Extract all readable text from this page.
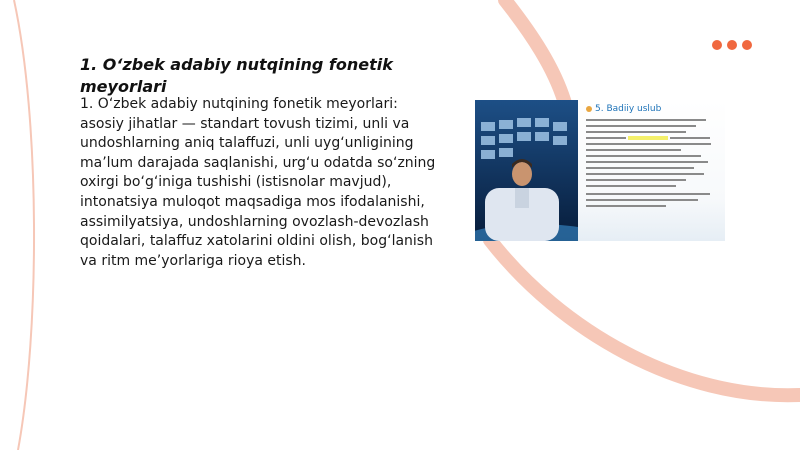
1. O‘zbek adabiy nutqining fonetik meyorlari

1. O‘zbek adabiy nutqining fonetik meyorlari: asosiy jihatlar — standart tovush tizimi, unli va undoshlarning aniq talaffuzi, unli uyg‘unligining ma’lum darajada saqlanishi, urg‘u odatda so‘zning oxirgi bo‘g‘iniga tushishi (istisnolar mavjud), intonatsiya muloqot maqsadiga mos ifodalanishi, assimilyatsiya, undoshlarning ovozlash-devozlash qoidalari, talaffuz xatolarini oldini olish, bog‘lanish va ritm me’yorlariga rioya etish.

5. Badiiy uslub
